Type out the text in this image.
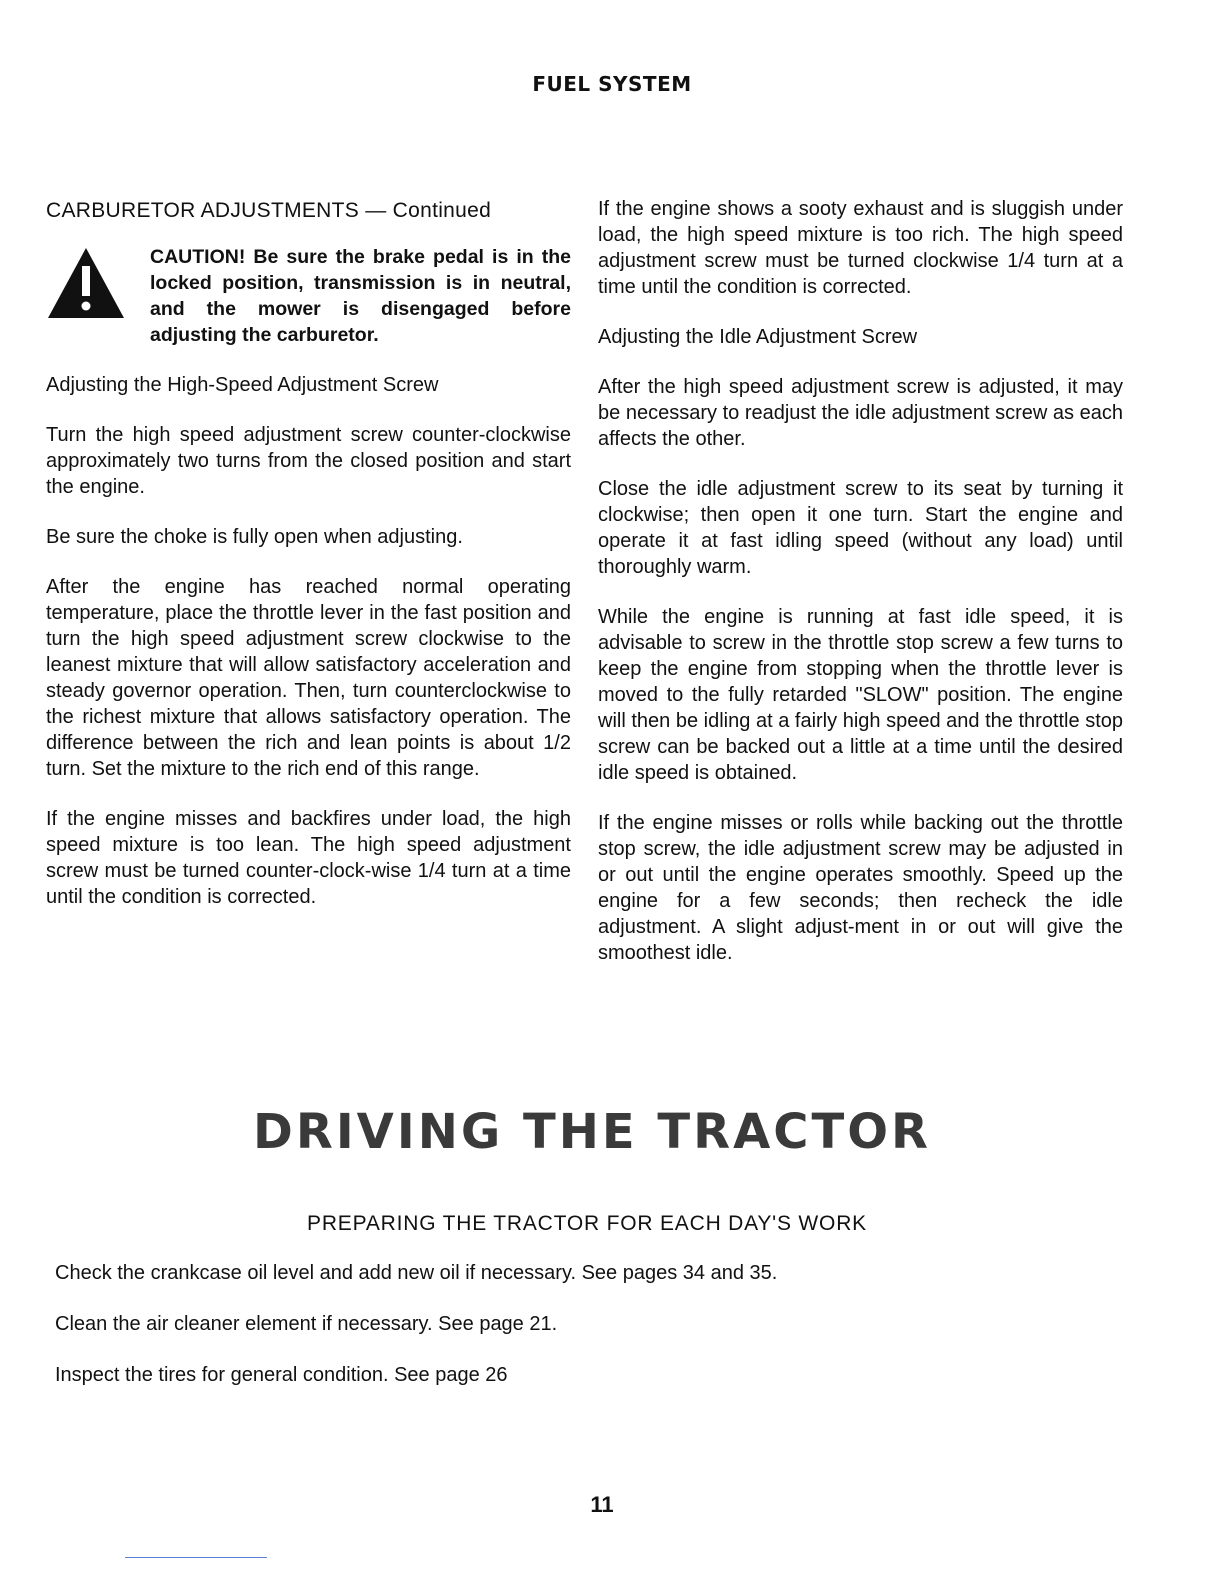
FUEL SYSTEM
CARBURETOR ADJUSTMENTS — Continued

CAUTION! Be sure the brake pedal is in the locked position, transmission is in neutral, and the mower is disengaged before adjusting the carburetor.

Adjusting the High-Speed Adjustment Screw

Turn the high speed adjustment screw counter-clockwise approximately two turns from the closed position and start the engine.

Be sure the choke is fully open when adjusting.

After the engine has reached normal operating temperature, place the throttle lever in the fast position and turn the high speed adjustment screw clockwise to the leanest mixture that will allow satisfactory acceleration and steady governor operation. Then, turn counterclockwise to the richest mixture that allows satisfactory operation. The difference between the rich and lean points is about 1/2 turn. Set the mixture to the rich end of this range.

If the engine misses and backfires under load, the high speed mixture is too lean. The high speed adjustment screw must be turned counter-clock-wise 1/4 turn at a time until the condition is corrected.

If the engine shows a sooty exhaust and is sluggish under load, the high speed mixture is too rich. The high speed adjustment screw must be turned clockwise 1/4 turn at a time until the condition is corrected.

Adjusting the Idle Adjustment Screw

After the high speed adjustment screw is adjusted, it may be necessary to readjust the idle adjustment screw as each affects the other.

Close the idle adjustment screw to its seat by turning it clockwise; then open it one turn. Start the engine and operate it at fast idling speed (without any load) until thoroughly warm.

While the engine is running at fast idle speed, it is advisable to screw in the throttle stop screw a few turns to keep the engine from stopping when the throttle lever is moved to the fully retarded "SLOW" position. The engine will then be idling at a fairly high speed and the throttle stop screw can be backed out a little at a time until the desired idle speed is obtained.

If the engine misses or rolls while backing out the throttle stop screw, the idle adjustment screw may be adjusted in or out until the engine operates smoothly. Speed up the engine for a few seconds; then recheck the idle adjustment. A slight adjust-ment in or out will give the smoothest idle.

DRIVING THE TRACTOR
PREPARING THE TRACTOR FOR EACH DAY'S WORK
Check the crankcase oil level and add new oil if necessary. See pages 34 and 35.
Clean the air cleaner element if necessary. See page 21.
Inspect the tires for general condition. See page 26
11
